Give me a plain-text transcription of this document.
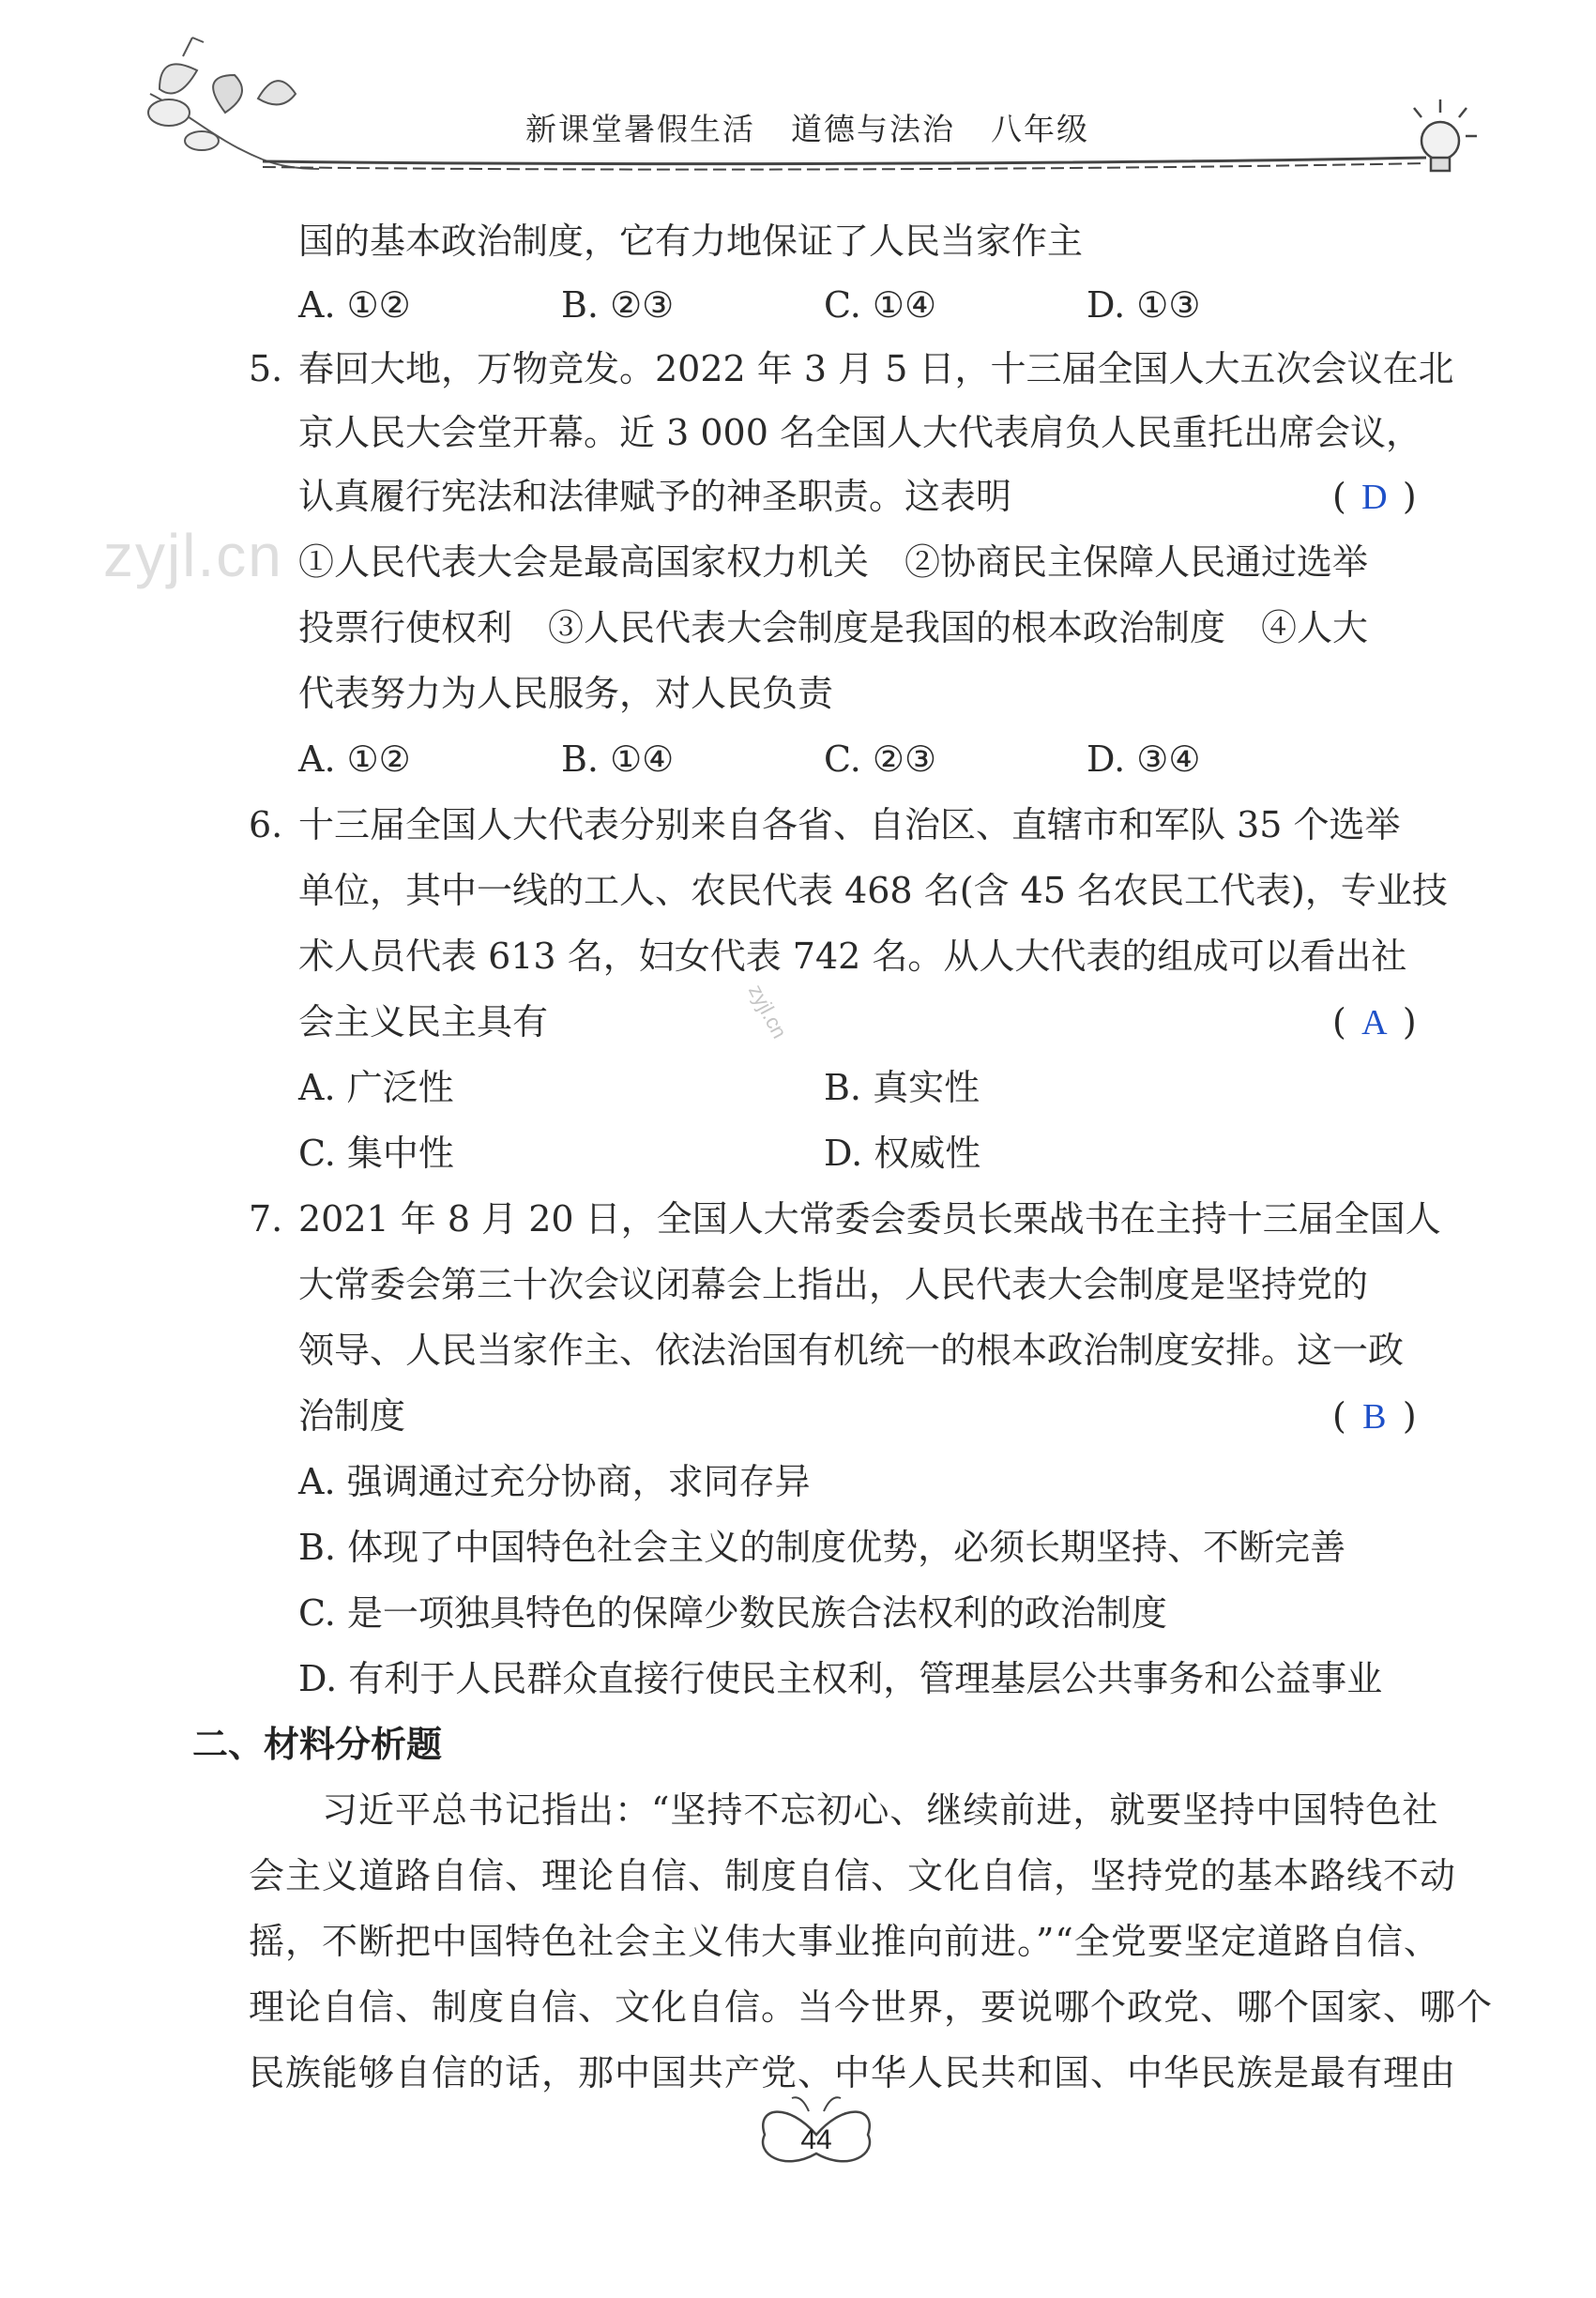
新课堂暑假生活 道德与法治 八年级
zyjl.cn
zyjl.cn
国的基本政治制度，它有力地保证了人民当家作主
A. ①②	B. ②③	C. ①④	D. ①③
5. 春回大地，万物竞发。2022 年 3 月 5 日，十三届全国人大五次会议在北
京人民大会堂开幕。近 3 000 名全国人大代表肩负人民重托出席会议，
认真履行宪法和法律赋予的神圣职责。这表明	( D )
①人民代表大会是最高国家权力机关　②协商民主保障人民通过选举
投票行使权利　③人民代表大会制度是我国的根本政治制度　④人大
代表努力为人民服务，对人民负责
A. ①②	B. ①④	C. ②③	D. ③④
6. 十三届全国人大代表分别来自各省、自治区、直辖市和军队 35 个选举
单位，其中一线的工人、农民代表 468 名(含 45 名农民工代表)，专业技
术人员代表 613 名，妇女代表 742 名。从人大代表的组成可以看出社
会主义民主具有	( A )
A. 广泛性	B. 真实性
C. 集中性	D. 权威性
7. 2021 年 8 月 20 日，全国人大常委会委员长栗战书在主持十三届全国人
大常委会第三十次会议闭幕会上指出，人民代表大会制度是坚持党的
领导、人民当家作主、依法治国有机统一的根本政治制度安排。这一政
治制度	( B )
A. 强调通过充分协商，求同存异
B. 体现了中国特色社会主义的制度优势，必须长期坚持、不断完善
C. 是一项独具特色的保障少数民族合法权利的政治制度
D. 有利于人民群众直接行使民主权利，管理基层公共事务和公益事业
二、材料分析题
　　习近平总书记指出：“坚持不忘初心、继续前进，就要坚持中国特色社
会主义道路自信、理论自信、制度自信、文化自信，坚持党的基本路线不动
摇，不断把中国特色社会主义伟大事业推向前进。”“全党要坚定道路自信、
理论自信、制度自信、文化自信。当今世界，要说哪个政党、哪个国家、哪个
民族能够自信的话，那中国共产党、中华人民共和国、中华民族是最有理由
44
